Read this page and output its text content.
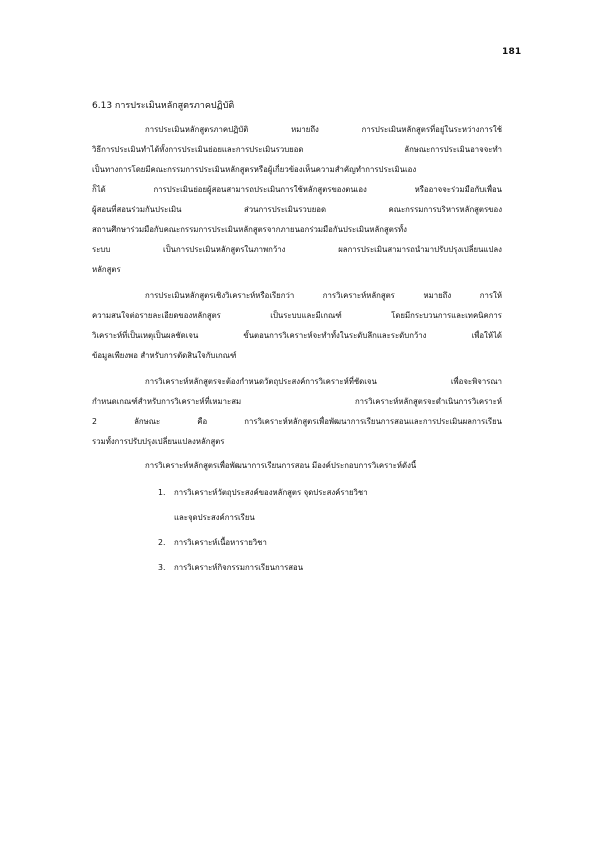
181
6.13 การประเมินหลักสูตรภาคปฏิบัติ
การประเมินหลักสูตรภาคปฏิบัติ หมายถึง การประเมินหลักสูตรที่อยู่ในระหว่างการใช้
วิธีการประเมินทำได้ทั้งการประเมินย่อยและการประเมินรวบยอด ลักษณะการประเมินอาจจะทำ
เป็นทางการโดยมีคณะกรรมการประเมินหลักสูตรหรือผู้เกี่ยวข้องเห็นความสำคัญทำการประเมินเอง
ก็ได้ การประเมินย่อยผู้สอนสามารถประเมินการใช้หลักสูตรของตนเอง หรืออาจจะร่วมมือกับเพื่อน
ผู้สอนที่สอนร่วมกันประเมิน ส่วนการประเมินรวบยอด คณะกรรมการบริหารหลักสูตรของ
สถานศึกษาร่วมมือกับคณะกรรมการประเมินหลักสูตรจากภายนอกร่วมมือกันประเมินหลักสูตรทั้ง
ระบบ เป็นการประเมินหลักสูตรในภาพกว้าง ผลการประเมินสามารถนำมาปรับปรุงเปลี่ยนแปลง
หลักสูตร
การประเมินหลักสูตรเชิงวิเคราะห์หรือเรียกว่า การวิเคราะห์หลักสูตร หมายถึง การให้
ความสนใจต่อรายละเอียดของหลักสูตร เป็นระบบและมีเกณฑ์ โดยมีกระบวนการและเทคนิคการ
วิเคราะห์ที่เป็นเหตุเป็นผลชัดเจน ขั้นตอนการวิเคราะห์จะทำทั้งในระดับลึกและระดับกว้าง เพื่อให้ได้
ข้อมูลเพียงพอ สำหรับการตัดสินใจกับเกณฑ์
การวิเคราะห์หลักสูตรจะต้องกำหนดวัตถุประสงค์การวิเคราะห์ที่ชัดเจน เพื่อจะพิจารณา
กำหนดเกณฑ์สำหรับการวิเคราะห์ที่เหมาะสม การวิเคราะห์หลักสูตรจะดำเนินการวิเคราะห์
2 ลักษณะ คือ การวิเคราะห์หลักสูตรเพื่อพัฒนาการเรียนการสอนและการประเมินผลการเรียน
รวมทั้งการปรับปรุงเปลี่ยนแปลงหลักสูตร
การวิเคราะห์หลักสูตรเพื่อพัฒนาการเรียนการสอน มีองค์ประกอบการวิเคราะห์ดังนี้
1. การวิเคราะห์วัตถุประสงค์ของหลักสูตร จุดประสงค์รายวิชา
และจุดประสงค์การเรียน
2. การวิเคราะห์เนื้อหารายวิชา
3. การวิเคราะห์กิจกรรมการเรียนการสอน
